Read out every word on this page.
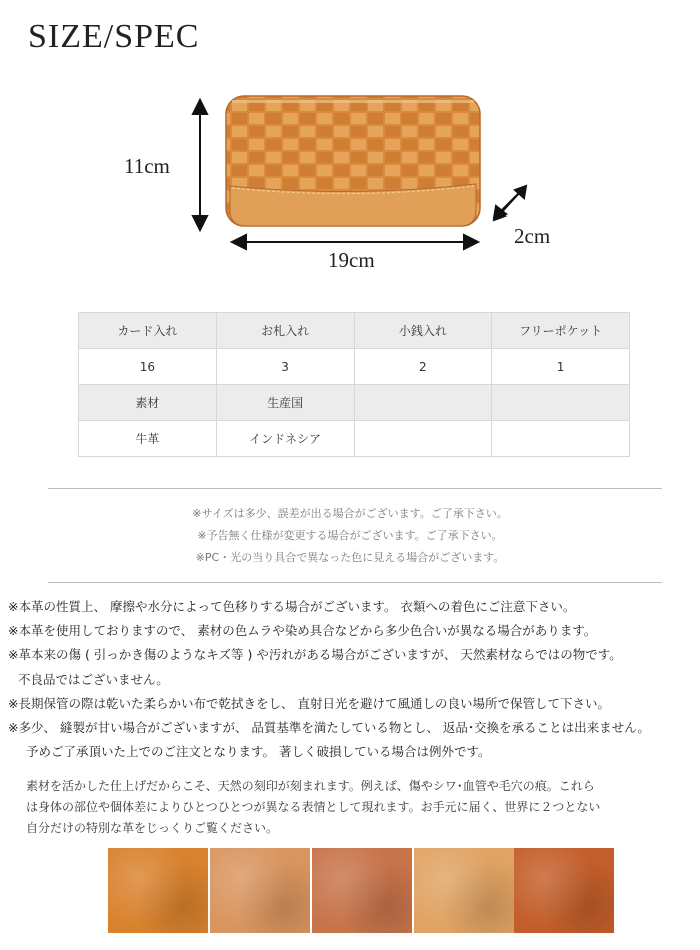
SIZE/SPEC
11cm
19cm
2cm
カード入れ	お札入れ	小銭入れ	フリーポケット
16	3	2	1
素材	生産国		
牛革	インドネシア		
※サイズは多少、誤差が出る場合がございます。ご了承下さい。
※予告無く仕様が変更する場合がございます。ご了承下さい。
※PC・光の当り具合で異なった色に見える場合がございます。
※本革の性質上、 摩擦や水分によって色移りする場合がございます。 衣類への着色にご注意下さい。
※本革を使用しておりますので、 素材の色ムラや染め具合などから多少色合いが異なる場合があります。
※革本来の傷 ( 引っかき傷のようなキズ等 ) や汚れがある場合がございますが、 天然素材ならではの物です。
不良品ではございません。
※長期保管の際は乾いた柔らかい布で乾拭きをし、 直射日光を避けて風通しの良い場所で保管して下さい。
※多少、 縫製が甘い場合がございますが、 品質基準を満たしている物とし、 返品･交換を承ることは出来ません。
予めご了承頂いた上でのご注文となります。 著しく破損している場合は例外です。
素材を活かした仕上げだからこそ、天然の刻印が刻まれます。例えば、傷やシワ･血管や毛穴の痕。これら
は身体の部位や個体差によりひとつひとつが異なる表情として現れます。お手元に届く、世界に２つとない
自分だけの特別な革をじっくりご覧ください。
